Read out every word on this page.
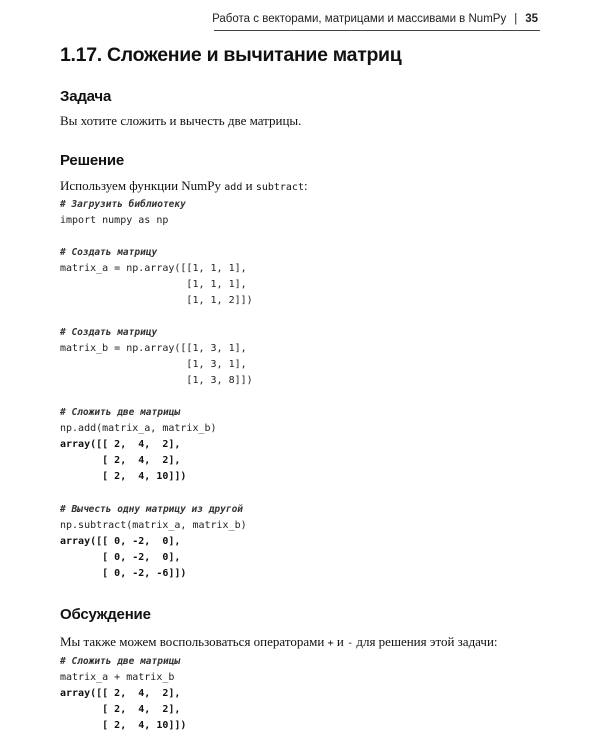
Работа с векторами, матрицами и массивами в NumPy | 35
1.17. Сложение и вычитание матриц
Задача

Вы хотите сложить и вычесть две матрицы.

Решение

Используем функции NumPy add и subtract:

# Загрузить библиотеку
import numpy as np
# Создать матрицу
matrix_a = np.array([[1, 1, 1],
[1, 1, 1],
[1, 1, 2]])
# Создать матрицу
matrix_b = np.array([[1, 3, 1],
[1, 3, 1],
[1, 3, 8]])
# Сложить две матрицы
np.add(matrix_a, matrix_b)
array([[ 2,  4,  2],
[ 2,  4,  2],
[ 2,  4, 10]])
# Вычесть одну матрицу из другой
np.subtract(matrix_a, matrix_b)
array([[ 0, -2,  0],
[ 0, -2,  0],
[ 0, -2, -6]])
Обсуждение

Мы также можем воспользоваться операторами + и - для решения этой задачи:

# Сложить две матрицы
matrix_a + matrix_b
array([[ 2,  4,  2],
[ 2,  4,  2],
[ 2,  4, 10]])
